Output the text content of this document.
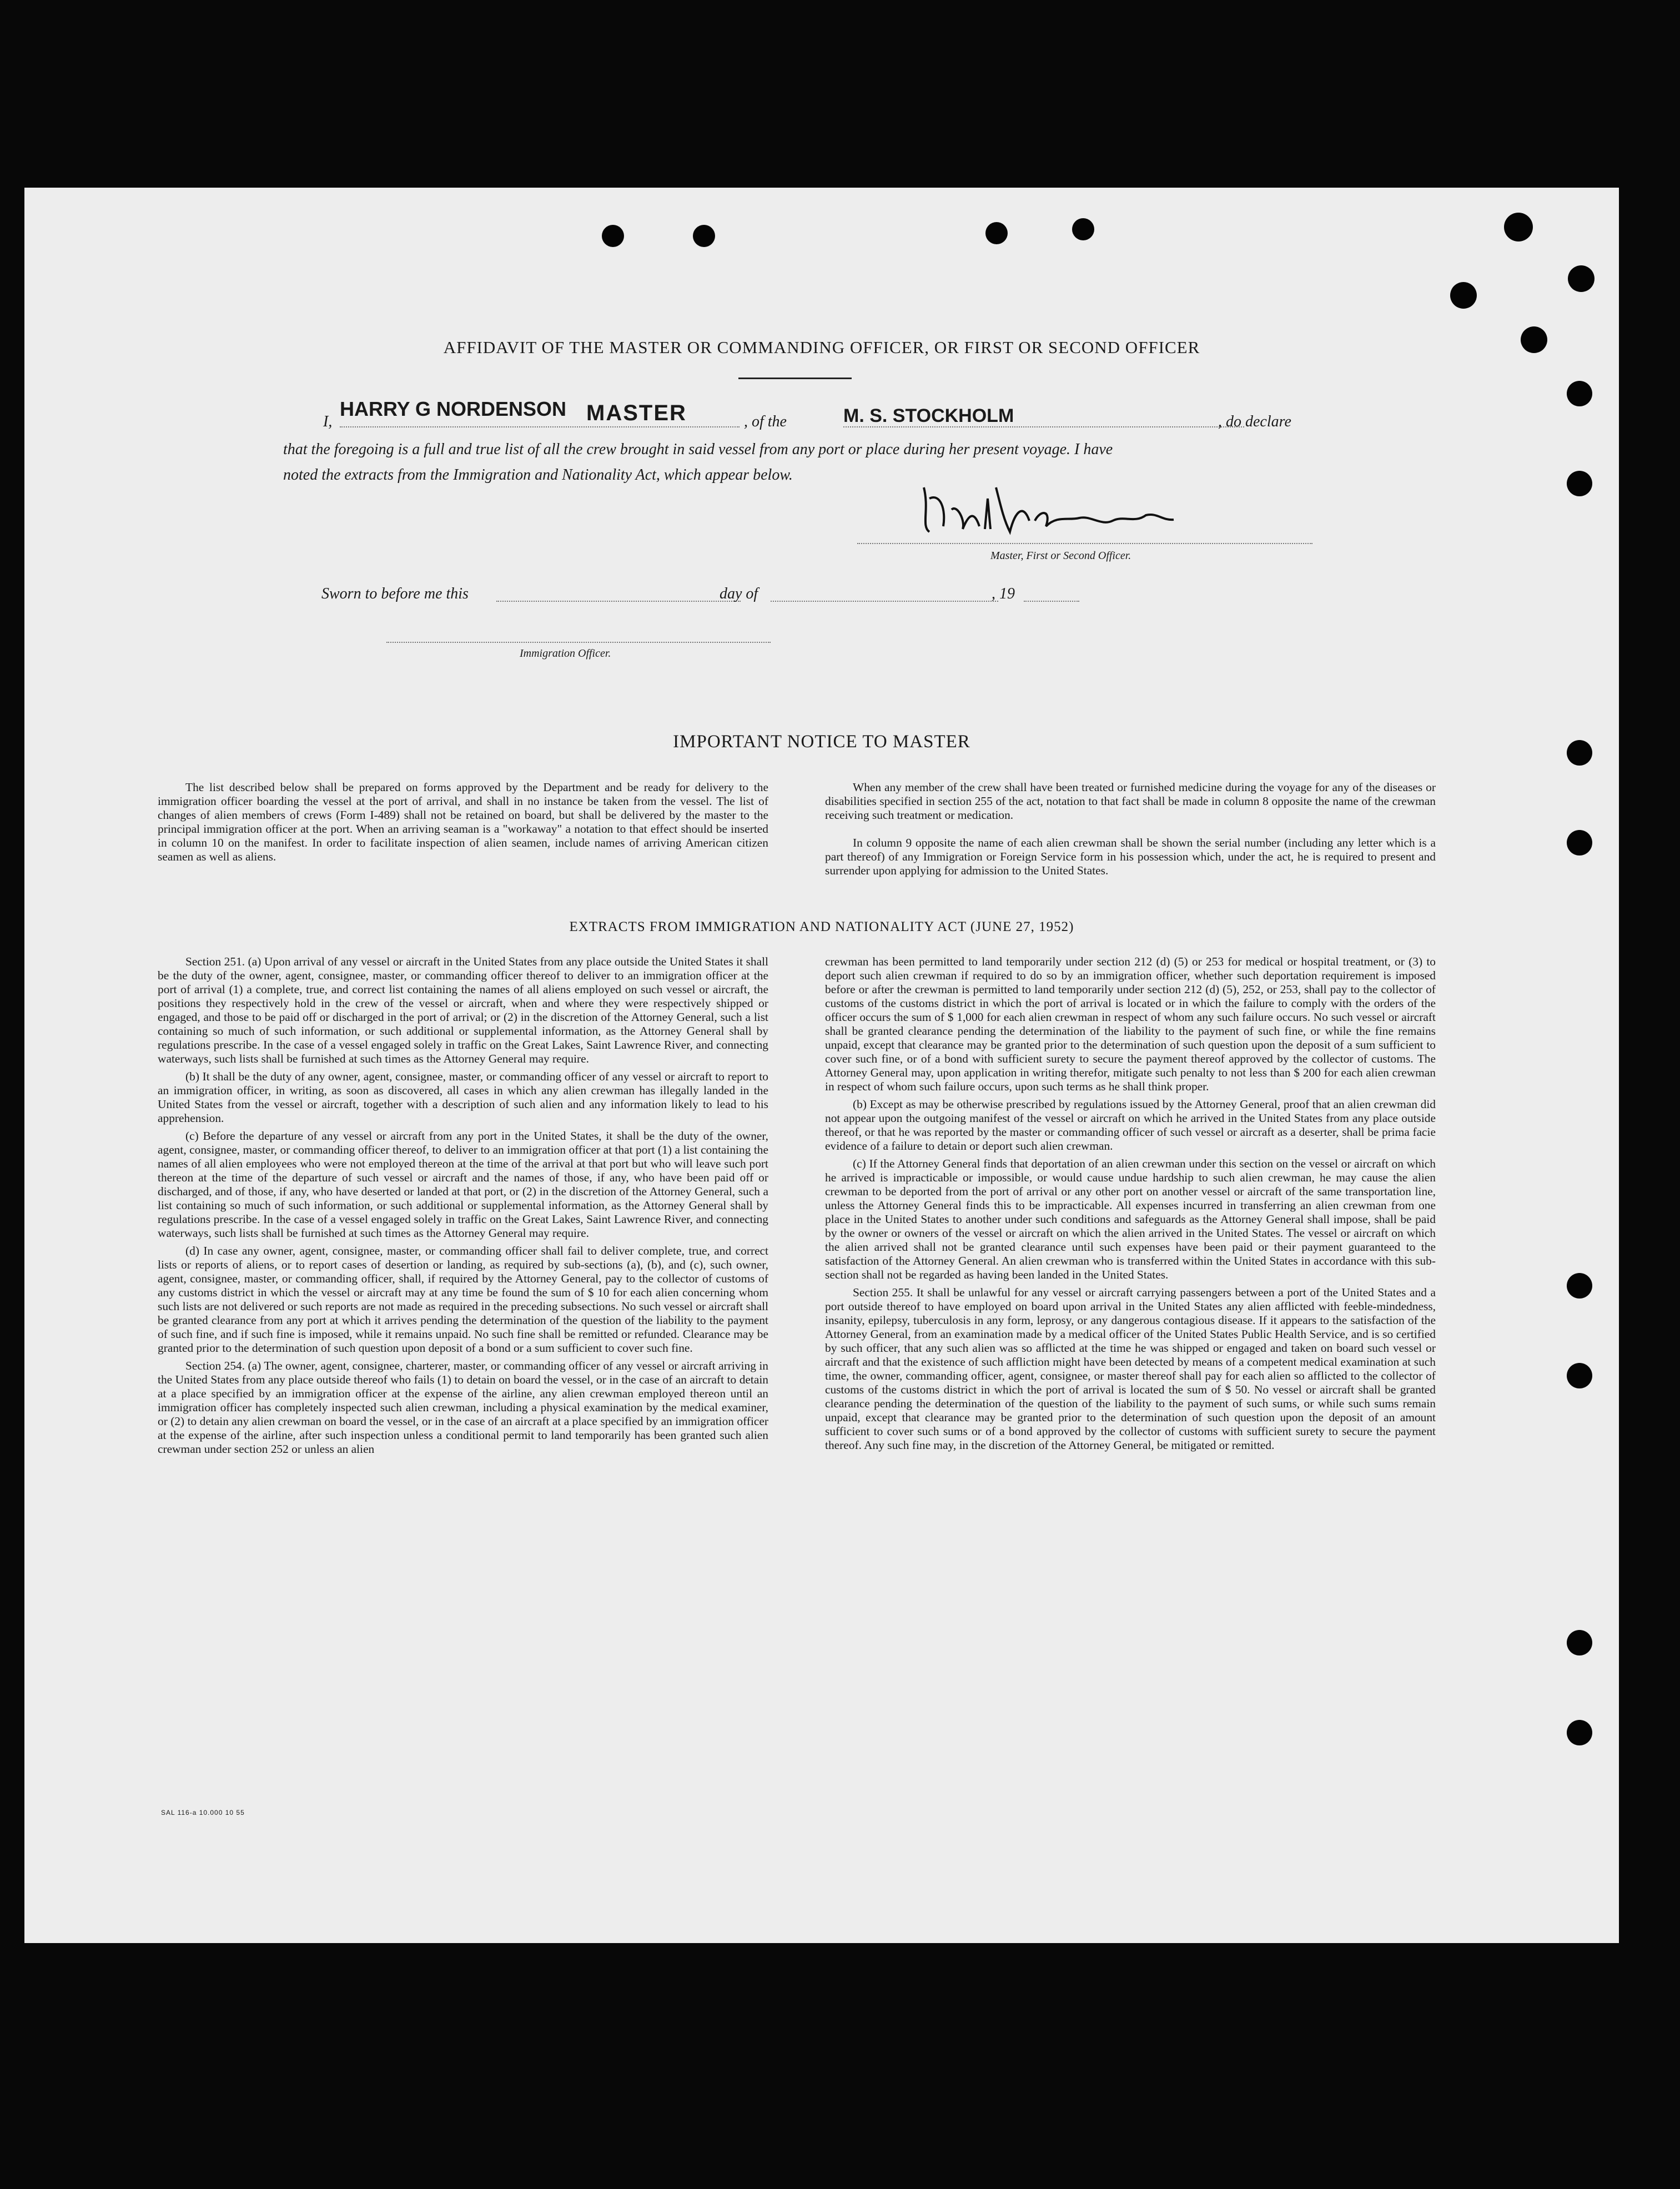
AFFIDAVIT OF THE MASTER OR COMMANDING OFFICER, OR FIRST OR SECOND OFFICER
I,
HARRY G NORDENSON MASTER	, of the	M. S. STOCKHOLM	, do declare
that the foregoing is a full and true list of all the crew brought in said vessel from any port or place during her present voyage. I have
noted the extracts from the Immigration and Nationality Act, which appear below.
Master, First or Second Officer.
Sworn to before me this	day of	, 19
Immigration Officer.
IMPORTANT NOTICE TO MASTER

The list described below shall be prepared on forms approved by the Department and be ready for delivery to the immigration officer boarding the vessel at the port of arrival, and shall in no instance be taken from the vessel. The list of changes of alien members of crews (Form I-489) shall not be retained on board, but shall be delivered by the master to the principal immigration officer at the port. When an arriving seaman is a "workaway" a notation to that effect should be inserted in column 10 on the manifest. In order to facilitate inspection of alien seamen, include names of arriving American citizen seamen as well as aliens.

When any member of the crew shall have been treated or furnished medicine during the voyage for any of the diseases or disabilities specified in section 255 of the act, notation to that fact shall be made in column 8 opposite the name of the crewman receiving such treatment or medication.

In column 9 opposite the name of each alien crewman shall be shown the serial number (including any letter which is a part thereof) of any Immigration or Foreign Service form in his possession which, under the act, he is required to present and surrender upon applying for admission to the United States.

EXTRACTS FROM IMMIGRATION AND NATIONALITY ACT (JUNE 27, 1952)

Section 251. (a) Upon arrival of any vessel or aircraft in the United States from any place outside the United States it shall be the duty of the owner, agent, consignee, master, or commanding officer thereof to deliver to an immigration officer at the port of arrival (1) a complete, true, and correct list containing the names of all aliens employed on such vessel or aircraft, the positions they respectively hold in the crew of the vessel or aircraft, when and where they were respectively shipped or engaged, and those to be paid off or discharged in the port of arrival; or (2) in the discretion of the Attorney General, such a list containing so much of such information, or such additional or supplemental information, as the Attorney General shall by regulations prescribe. In the case of a vessel engaged solely in traffic on the Great Lakes, Saint Lawrence River, and connecting waterways, such lists shall be furnished at such times as the Attorney General may require.

(b) It shall be the duty of any owner, agent, consignee, master, or commanding officer of any vessel or aircraft to report to an immigration officer, in writing, as soon as discovered, all cases in which any alien crewman has illegally landed in the United States from the vessel or aircraft, together with a description of such alien and any information likely to lead to his apprehension.

(c) Before the departure of any vessel or aircraft from any port in the United States, it shall be the duty of the owner, agent, consignee, master, or commanding officer thereof, to deliver to an immigration officer at that port (1) a list containing the names of all alien employees who were not employed thereon at the time of the arrival at that port but who will leave such port thereon at the time of the departure of such vessel or aircraft and the names of those, if any, who have been paid off or discharged, and of those, if any, who have deserted or landed at that port, or (2) in the discretion of the Attorney General, such a list containing so much of such information, or such additional or supplemental information, as the Attorney General shall by regulations prescribe. In the case of a vessel engaged solely in traffic on the Great Lakes, Saint Lawrence River, and connecting waterways, such lists shall be furnished at such times as the Attorney General may require.

(d) In case any owner, agent, consignee, master, or commanding officer shall fail to deliver complete, true, and correct lists or reports of aliens, or to report cases of desertion or landing, as required by sub-sections (a), (b), and (c), such owner, agent, consignee, master, or commanding officer, shall, if required by the Attorney General, pay to the collector of customs of any customs district in which the vessel or aircraft may at any time be found the sum of $ 10 for each alien concerning whom such lists are not delivered or such reports are not made as required in the preceding subsections. No such vessel or aircraft shall be granted clearance from any port at which it arrives pending the determination of the question of the liability to the payment of such fine, and if such fine is imposed, while it remains unpaid. No such fine shall be remitted or refunded. Clearance may be granted prior to the determination of such question upon deposit of a bond or a sum sufficient to cover such fine.

Section 254. (a) The owner, agent, consignee, charterer, master, or commanding officer of any vessel or aircraft arriving in the United States from any place outside thereof who fails (1) to detain on board the vessel, or in the case of an aircraft to detain at a place specified by an immigration officer at the expense of the airline, any alien crewman employed thereon until an immigration officer has completely inspected such alien crewman, including a physical examination by the medical examiner, or (2) to detain any alien crewman on board the vessel, or in the case of an aircraft at a place specified by an immigration officer at the expense of the airline, after such inspection unless a conditional permit to land temporarily has been granted such alien crewman under section 252 or unless an alien

crewman has been permitted to land temporarily under section 212 (d) (5) or 253 for medical or hospital treatment, or (3) to deport such alien crewman if required to do so by an immigration officer, whether such deportation requirement is imposed before or after the crewman is permitted to land temporarily under section 212 (d) (5), 252, or 253, shall pay to the collector of customs of the customs district in which the port of arrival is located or in which the failure to comply with the orders of the officer occurs the sum of $ 1,000 for each alien crewman in respect of whom any such failure occurs. No such vessel or aircraft shall be granted clearance pending the determination of the liability to the payment of such fine, or while the fine remains unpaid, except that clearance may be granted prior to the determination of such question upon the deposit of a sum sufficient to cover such fine, or of a bond with sufficient surety to secure the payment thereof approved by the collector of customs. The Attorney General may, upon application in writing therefor, mitigate such penalty to not less than $ 200 for each alien crewman in respect of whom such failure occurs, upon such terms as he shall think proper.

(b) Except as may be otherwise prescribed by regulations issued by the Attorney General, proof that an alien crewman did not appear upon the outgoing manifest of the vessel or aircraft on which he arrived in the United States from any place outside thereof, or that he was reported by the master or commanding officer of such vessel or aircraft as a deserter, shall be prima facie evidence of a failure to detain or deport such alien crewman.

(c) If the Attorney General finds that deportation of an alien crewman under this section on the vessel or aircraft on which he arrived is impracticable or impossible, or would cause undue hardship to such alien crewman, he may cause the alien crewman to be deported from the port of arrival or any other port on another vessel or aircraft of the same transportation line, unless the Attorney General finds this to be impracticable. All expenses incurred in transferring an alien crewman from one place in the United States to another under such conditions and safeguards as the Attorney General shall impose, shall be paid by the owner or owners of the vessel or aircraft on which the alien arrived in the United States. The vessel or aircraft on which the alien arrived shall not be granted clearance until such expenses have been paid or their payment guaranteed to the satisfaction of the Attorney General. An alien crewman who is transferred within the United States in accordance with this sub-section shall not be regarded as having been landed in the United States.

Section 255. It shall be unlawful for any vessel or aircraft carrying passengers between a port of the United States and a port outside thereof to have employed on board upon arrival in the United States any alien afflicted with feeble-mindedness, insanity, epilepsy, tuberculosis in any form, leprosy, or any dangerous contagious disease. If it appears to the satisfaction of the Attorney General, from an examination made by a medical officer of the United States Public Health Service, and is so certified by such officer, that any such alien was so afflicted at the time he was shipped or engaged and taken on board such vessel or aircraft and that the existence of such affliction might have been detected by means of a competent medical examination at such time, the owner, commanding officer, agent, consignee, or master thereof shall pay for each alien so afflicted to the collector of customs of the customs district in which the port of arrival is located the sum of $ 50. No vessel or aircraft shall be granted clearance pending the determination of the question of the liability to the payment of such sums, or while such sums remain unpaid, except that clearance may be granted prior to the determination of such question upon the deposit of an amount sufficient to cover such sums or of a bond approved by the collector of customs with sufficient surety to secure the payment thereof. Any such fine may, in the discretion of the Attorney General, be mitigated or remitted.

SAL 116-a 10.000 10 55
